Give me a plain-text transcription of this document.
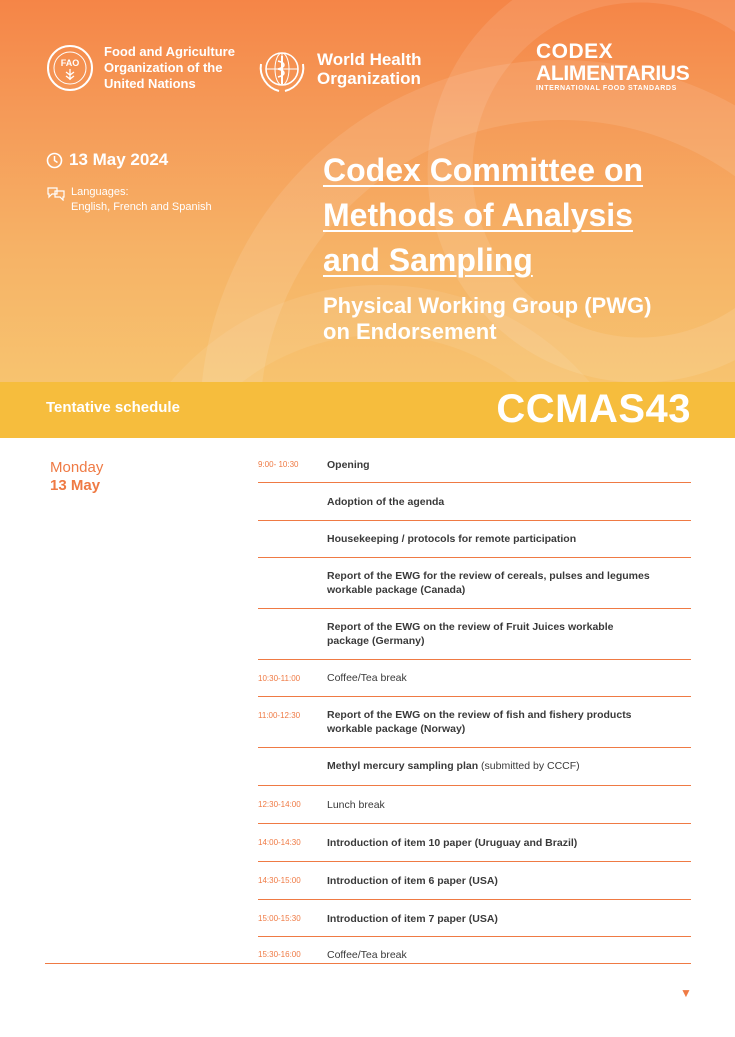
FAO
Food and Agriculture
Organization of the
United Nations
World Health
Organization
CODEX
ALIMENTARIUS
INTERNATIONAL FOOD STANDARDS
13 May 2024
Languages:
English, French and Spanish
Codex Committee on
Methods of Analysis
and Sampling
Physical Working Group (PWG)
on Endorsement
Tentative schedule	CCMAS43
Monday
13 May
9:00- 10:30	Opening
Adoption of the agenda
Housekeeping / protocols for remote participation
Report of the EWG for the review of cereals, pulses and legumes
workable package (Canada)
Report of the EWG on the review of Fruit Juices workable
package (Germany)
10:30-11:00	Coffee/Tea break
11:00-12:30	Report of the EWG on the review of fish and fishery products
workable package (Norway)
Methyl mercury sampling plan (submitted by CCCF)
12:30-14:00	Lunch break
14:00-14:30	Introduction of item 10 paper (Uruguay and Brazil)
14:30-15:00	Introduction of item 6 paper (USA)
15:00-15:30	Introduction of item 7 paper (USA)
15:30-16:00	Coffee/Tea break
▼
